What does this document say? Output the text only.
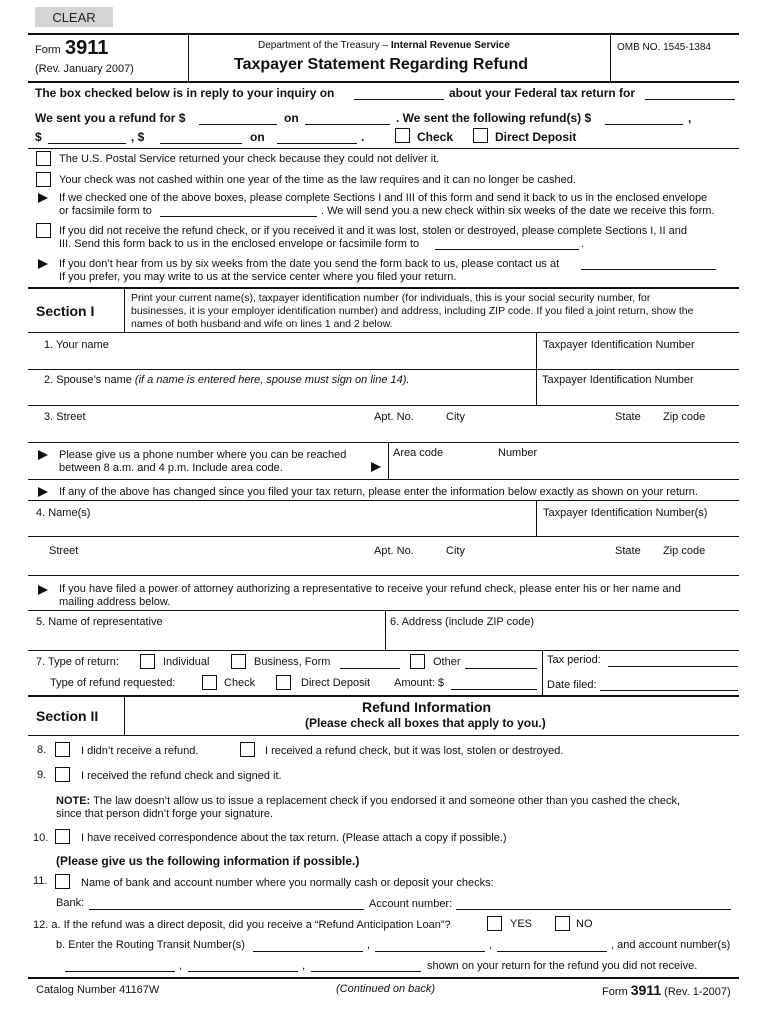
CLEAR
Form 3911
(Rev. January 2007)
Department of the Treasury – Internal Revenue Service
Taxpayer Statement Regarding Refund
OMB NO. 1545-1384
The box checked below is in reply to your inquiry on	about your Federal tax return for
We sent you a refund for $	on	. We sent the following refund(s) $	,
$	, $	on	.	Check	Direct Deposit
The U.S. Postal Service returned your check because they could not deliver it.
Your check was not cashed within one year of the time as the law requires and it can no longer be cashed.
If we checked one of the above boxes, please complete Sections I and III of this form and send it back to us in the enclosed envelope
or facsimile form to	. We will send you a new check within six weeks of the date we receive this form.
If you did not receive the refund check, or if you received it and it was lost, stolen or destroyed, please complete Sections I, II and
III. Send this form back to us in the enclosed envelope or facsimile form to	.
If you don’t hear from us by six weeks from the date you send the form back to us, please contact us at
If you prefer, you may write to us at the service center where you filed your return.
Section I
Print your current name(s), taxpayer identification number (for individuals, this is your social security number, for businesses, it is your employer identification number) and address, including ZIP code. If you filed a joint return, show the names of both husband and wife on lines 1 and 2 below.
1. Your name	Taxpayer Identification Number
2. Spouse’s name (if a name is entered here, spouse must sign on line 14).	Taxpayer Identification Number
3. Street	Apt. No.	City	State Zip code
Please give us a phone number where you can be reached
between 8 a.m. and 4 p.m. Include area code.
Area code	Number
If any of the above has changed since you filed your tax return, please enter the information below exactly as shown on your return.
4. Name(s)	Taxpayer Identification Number(s)
Street	Apt. No.	City	State Zip code
If you have filed a power of attorney authorizing a representative to receive your refund check, please enter his or her name and
mailing address below.
5. Name of representative	6. Address (include ZIP code)
7. Type of return:	Individual	Business, Form	Other	Tax period:
Type of refund requested:	Check	Direct Deposit Amount: $	Date filed:
Section II
Refund Information
(Please check all boxes that apply to you.)
8.	I didn’t receive a refund.	I received a refund check, but it was lost, stolen or destroyed.
9.	I received the refund check and signed it.
NOTE: The law doesn’t allow us to issue a replacement check if you endorsed it and someone other than you cashed the check,
since that person didn’t forge your signature.
10.	I have received correspondence about the tax return. (Please attach a copy if possible.)
(Please give us the following information if possible.)
11.	Name of bank and account number where you normally cash or deposit your checks:
Bank:	Account number:
12. a. If the refund was a direct deposit, did you receive a “Refund Anticipation Loan”?	YES	NO
b. Enter the Routing Transit Number(s)	,	,	, and account number(s)
,	,	shown on your return for the refund you did not receive.
Catalog Number 41167W	(Continued on back)	Form 3911 (Rev. 1-2007)
